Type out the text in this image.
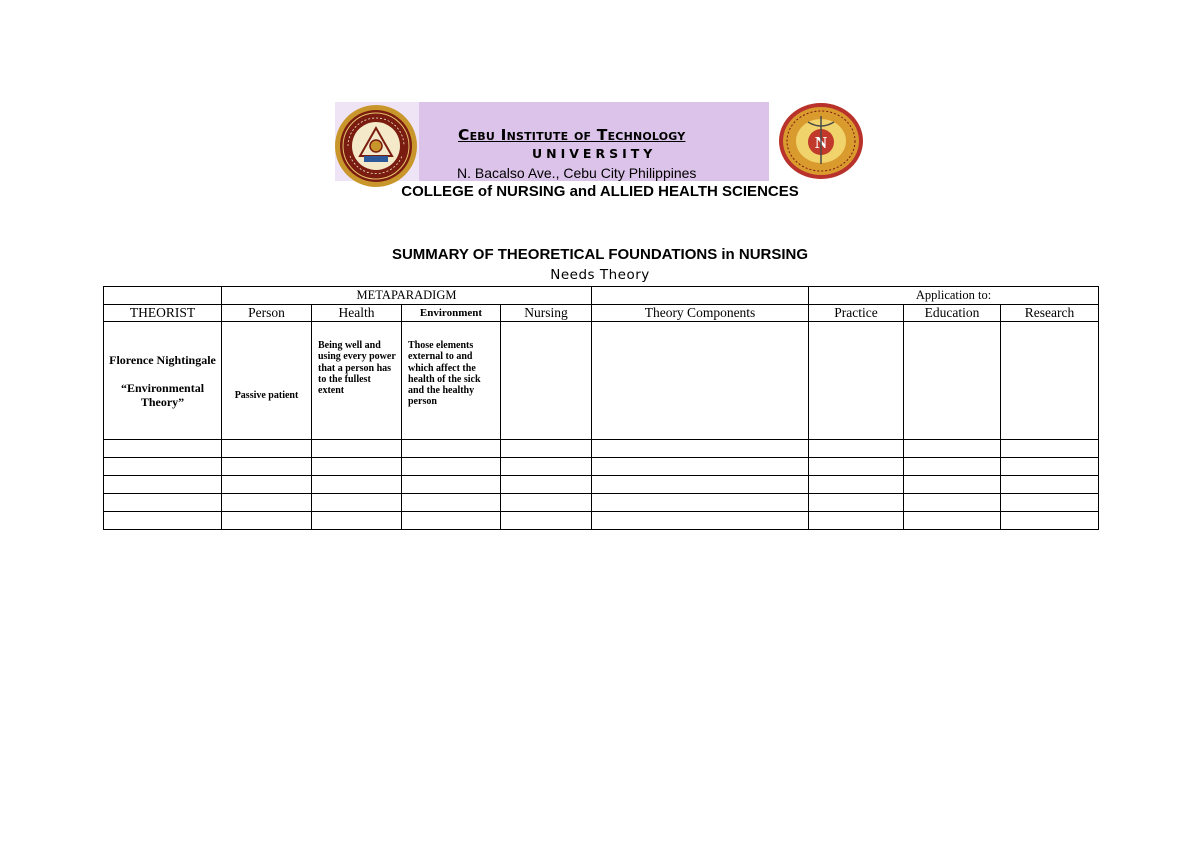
N
Cebu Institute of Technology
UNIVERSITY
N. Bacalso Ave., Cebu City Philippines
COLLEGE of NURSING and ALLIED HEALTH SCIENCES
SUMMARY OF THEORETICAL FOUNDATIONS in NURSING
Needs Theory
	METAPARADIGM					Application to:		
THEORIST	Person	Health	Environment	Nursing	Theory Components	Practice	Education	Research

Florence Nightingale
“Environmental Theory”	Passive patient	Being well and using every power that a person has to the fullest extent	Those elements external to and which affect the health of the sick and the healthy person					
